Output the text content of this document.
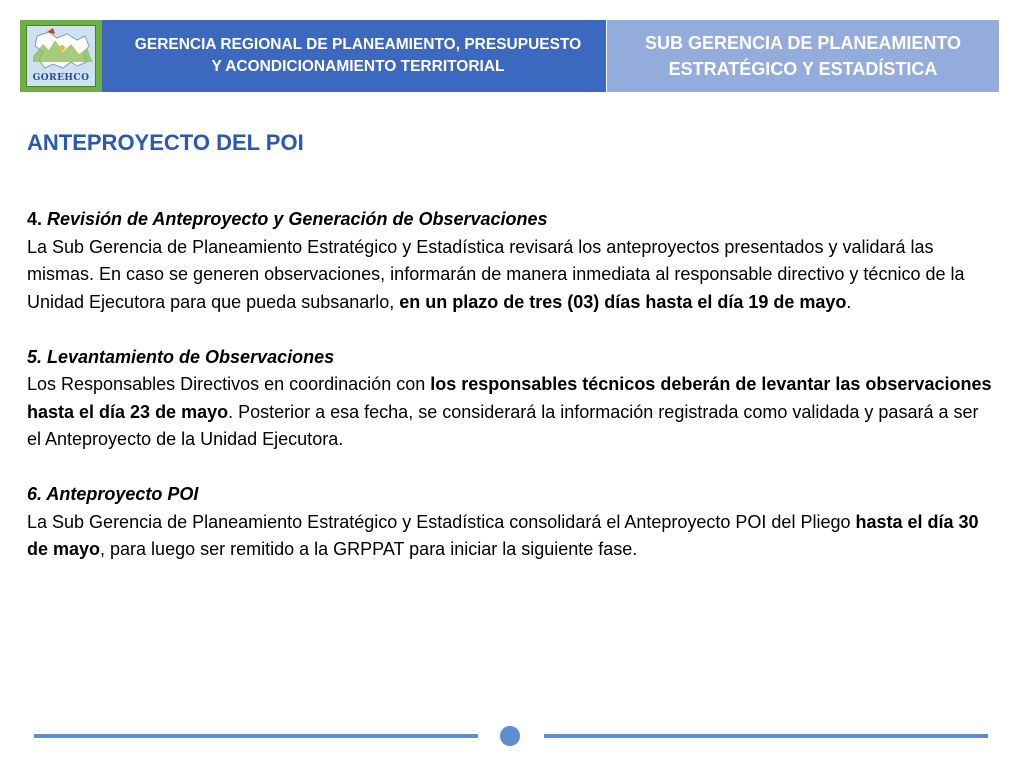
GOREHCO
GERENCIA REGIONAL DE PLANEAMIENTO, PRESUPUESTO
Y ACONDICIONAMIENTO TERRITORIAL
SUB GERENCIA DE PLANEAMIENTO
ESTRATÉGICO Y ESTADÍSTICA
ANTEPROYECTO DEL POI

4. Revisión de Anteproyecto y Generación de Observaciones

La Sub Gerencia de Planeamiento Estratégico y Estadística revisará los anteproyectos presentados y validará las mismas. En caso se generen observaciones, informarán de manera inmediata al responsable directivo y técnico de la Unidad Ejecutora para que pueda subsanarlo, en un plazo de tres (03) días hasta el día 19 de mayo.

5. Levantamiento de Observaciones

Los Responsables Directivos en coordinación con los responsables técnicos deberán de levantar las observaciones hasta el día 23 de mayo. Posterior a esa fecha, se considerará la información registrada como validada y pasará a ser el Anteproyecto de la Unidad Ejecutora.

6. Anteproyecto POI

La Sub Gerencia de Planeamiento Estratégico y Estadística consolidará el Anteproyecto POI del Pliego hasta el día 30 de mayo, para luego ser remitido a la GRPPAT para iniciar la siguiente fase.
